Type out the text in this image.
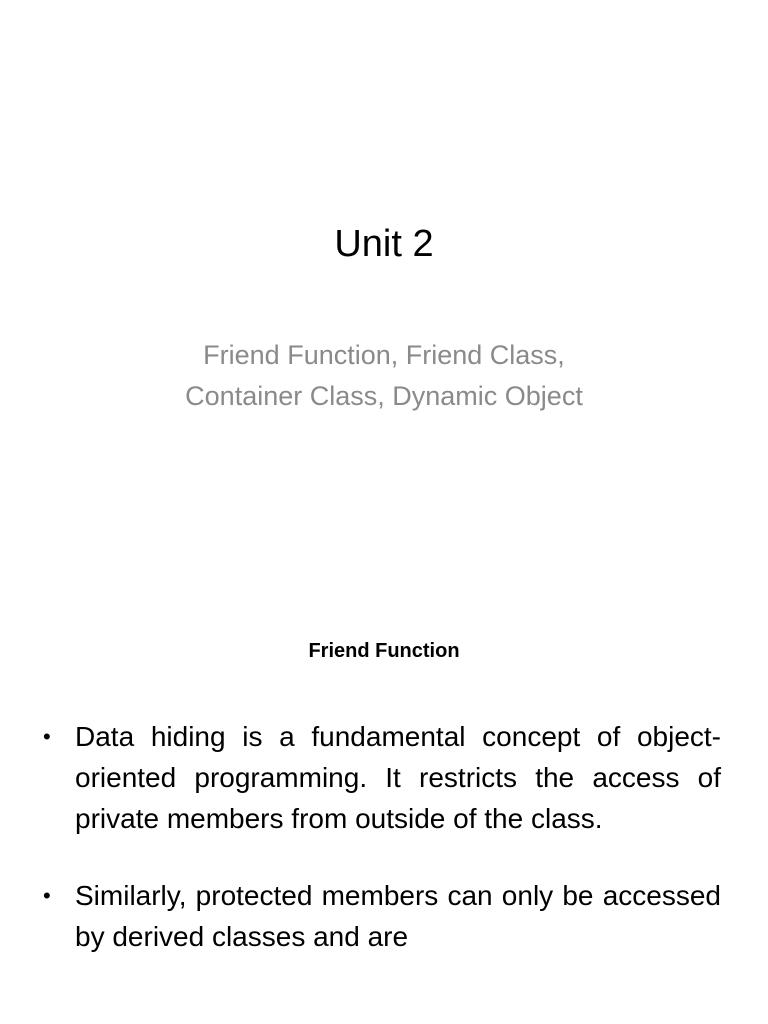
Unit 2
Friend Function, Friend Class,
Container Class, Dynamic Object
Friend Function
• Data hiding is a fundamental concept of object-oriented programming. It restricts the access of private members from outside of the class.
• Similarly, protected members can only be accessed by derived classes and are
